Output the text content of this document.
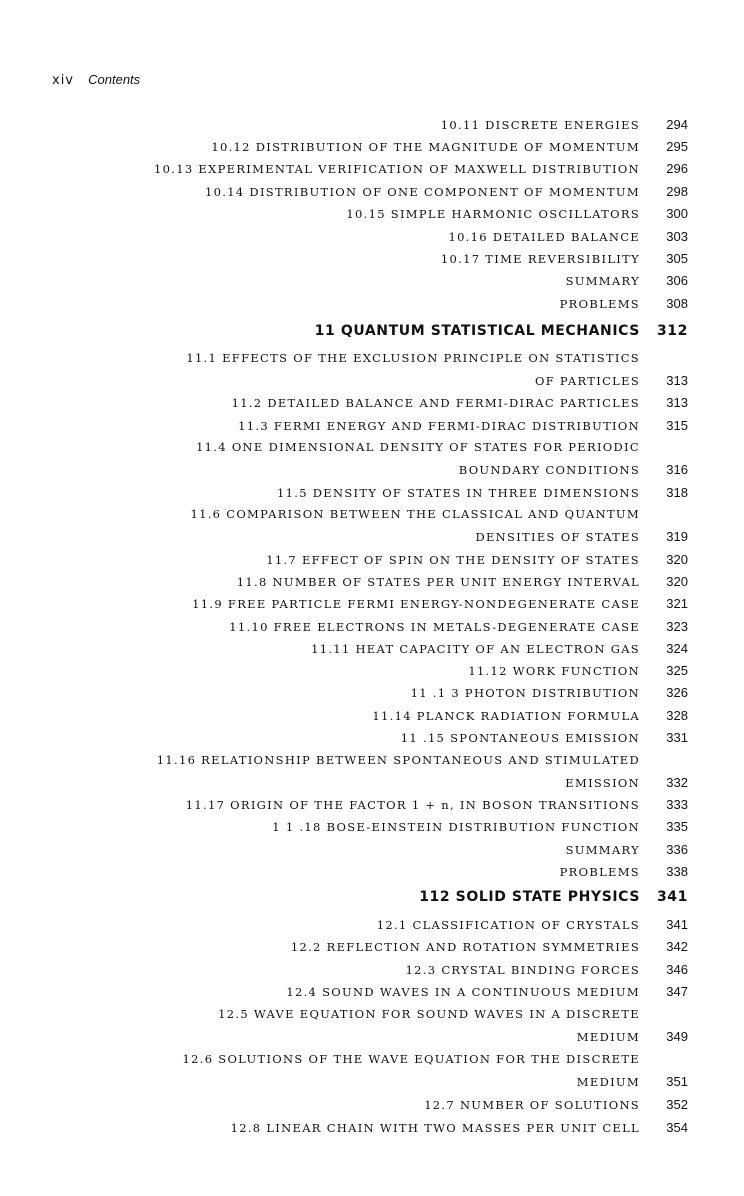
xiv Contents
10.11 DISCRETE ENERGIES	294
10.12 DISTRIBUTION OF THE MAGNITUDE OF MOMENTUM	295
10.13 EXPERIMENTAL VERIFICATION OF MAXWELL DISTRIBUTION	296
10.14 DISTRIBUTION OF ONE COMPONENT OF MOMENTUM	298
10.15 SIMPLE HARMONIC OSCILLATORS	300
10.16 DETAILED BALANCE	303
10.17 TIME REVERSIBILITY	305
SUMMARY	306
PROBLEMS	308
11 QUANTUM STATISTICAL MECHANICS	312
11.1 EFFECTS OF THE EXCLUSION PRINCIPLE ON STATISTICS
OF PARTICLES	313
11.2 DETAILED BALANCE AND FERMI-DIRAC PARTICLES	313
11.3 FERMI ENERGY AND FERMI-DIRAC DISTRIBUTION	315
11.4 ONE DIMENSIONAL DENSITY OF STATES FOR PERIODIC
BOUNDARY CONDITIONS	316
11.5 DENSITY OF STATES IN THREE DIMENSIONS	318
11.6 COMPARISON BETWEEN THE CLASSICAL AND QUANTUM
DENSITIES OF STATES	319
11.7 EFFECT OF SPIN ON THE DENSITY OF STATES	320
11.8 NUMBER OF STATES PER UNIT ENERGY INTERVAL	320
11.9 FREE PARTICLE FERMI ENERGY-NONDEGENERATE CASE	321
11.10 FREE ELECTRONS IN METALS-DEGENERATE CASE	323
11.11 HEAT CAPACITY OF AN ELECTRON GAS	324
11.12 WORK FUNCTION	325
11 .1 3 PHOTON DISTRIBUTION	326
11.14 PLANCK RADIATION FORMULA	328
11 .15 SPONTANEOUS EMISSION	331
11.16 RELATIONSHIP BETWEEN SPONTANEOUS AND STIMULATED
EMISSION	332
11.17 ORIGIN OF THE FACTOR 1 + n, IN BOSON TRANSITIONS	333
1 1 .18 BOSE-EINSTEIN DISTRIBUTION FUNCTION	335
SUMMARY	336
PROBLEMS	338
112 SOLID STATE PHYSICS	341
12.1 CLASSIFICATION OF CRYSTALS	341
12.2 REFLECTION AND ROTATION SYMMETRIES	342
12.3 CRYSTAL BINDING FORCES	346
12.4 SOUND WAVES IN A CONTINUOUS MEDIUM	347
12.5 WAVE EQUATION FOR SOUND WAVES IN A DISCRETE
MEDIUM	349
12.6 SOLUTIONS OF THE WAVE EQUATION FOR THE DISCRETE
MEDIUM	351
12.7 NUMBER OF SOLUTIONS	352
12.8 LINEAR CHAIN WITH TWO MASSES PER UNIT CELL	354
